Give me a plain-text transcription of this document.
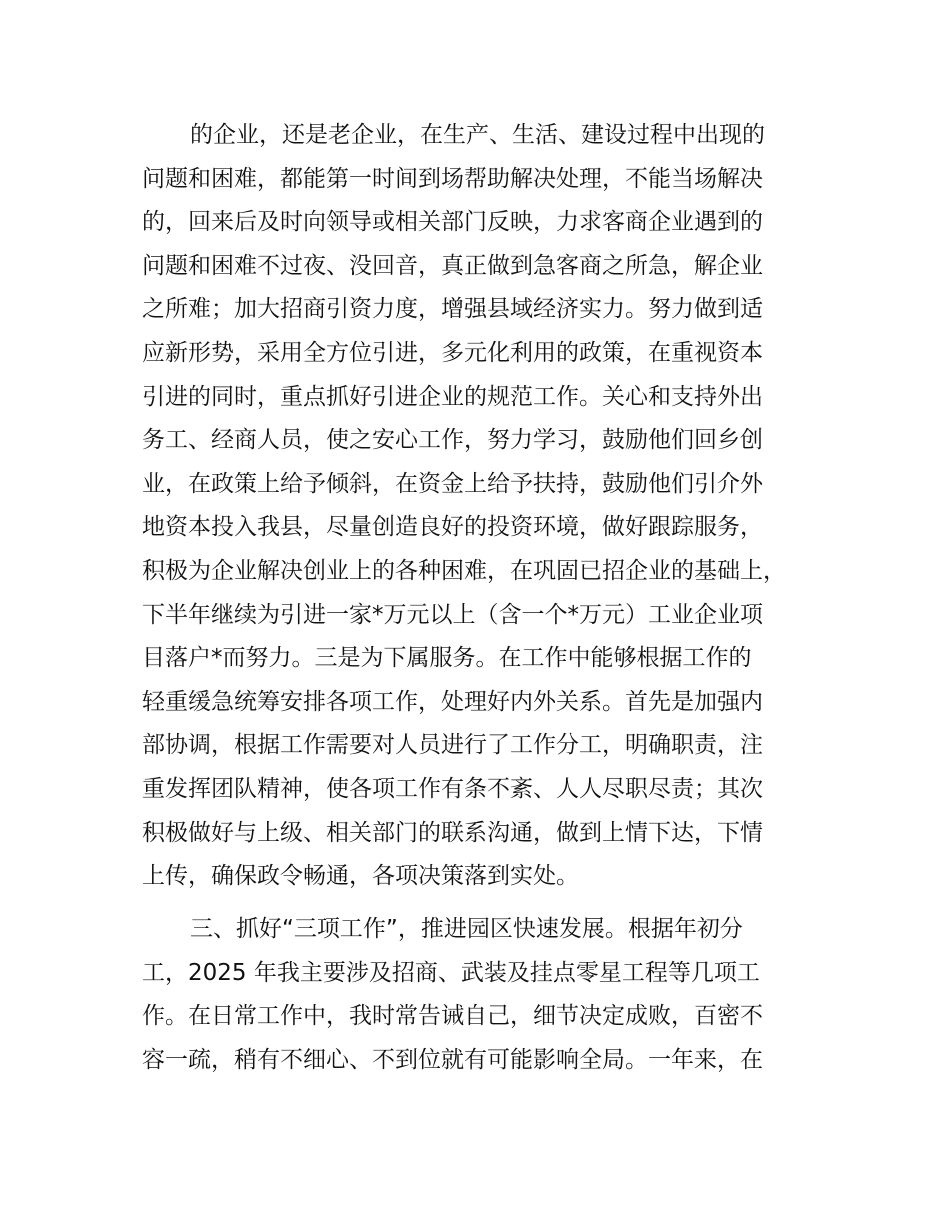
的企业，还是老企业，在生产、生活、建设过程中出现的
问题和困难，都能第一时间到场帮助解决处理，不能当场解决
的，回来后及时向领导或相关部门反映，力求客商企业遇到的
问题和困难不过夜、没回音，真正做到急客商之所急，解企业
之所难；加大招商引资力度，增强县域经济实力。努力做到适
应新形势，采用全方位引进，多元化利用的政策，在重视资本
引进的同时，重点抓好引进企业的规范工作。关心和支持外出
务工、经商人员，使之安心工作，努力学习，鼓励他们回乡创
业，在政策上给予倾斜，在资金上给予扶持，鼓励他们引介外
地资本投入我县，尽量创造良好的投资环境，做好跟踪服务，
积极为企业解决创业上的各种困难，在巩固已招企业的基础上，
下半年继续为引进一家*万元以上（含一个*万元）工业企业项
目落户*而努力。三是为下属服务。在工作中能够根据工作的
轻重缓急统筹安排各项工作，处理好内外关系。首先是加强内
部协调，根据工作需要对人员进行了工作分工，明确职责，注
重发挥团队精神，使各项工作有条不紊、人人尽职尽责；其次
积极做好与上级、相关部门的联系沟通，做到上情下达，下情
上传，确保政令畅通，各项决策落到实处。
三、抓好“三项工作”，推进园区快速发展。根据年初分
工，2025 年我主要涉及招商、武装及挂点零星工程等几项工
作。在日常工作中，我时常告诫自己，细节决定成败，百密不
容一疏，稍有不细心、不到位就有可能影响全局。一年来，在
